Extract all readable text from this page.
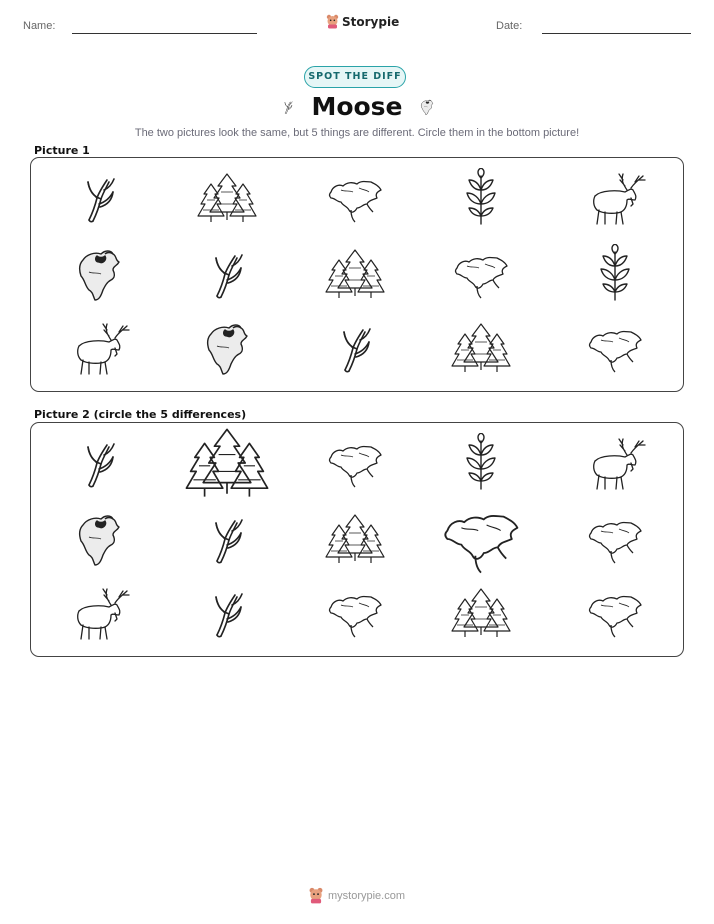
Name:	Storypie	Date:
SPOT THE DIFF
Moose
The two pictures look the same, but 5 things are different. Circle them in the bottom picture!
Picture 1
Picture 2 (circle the 5 differences)
mystorypie.com
